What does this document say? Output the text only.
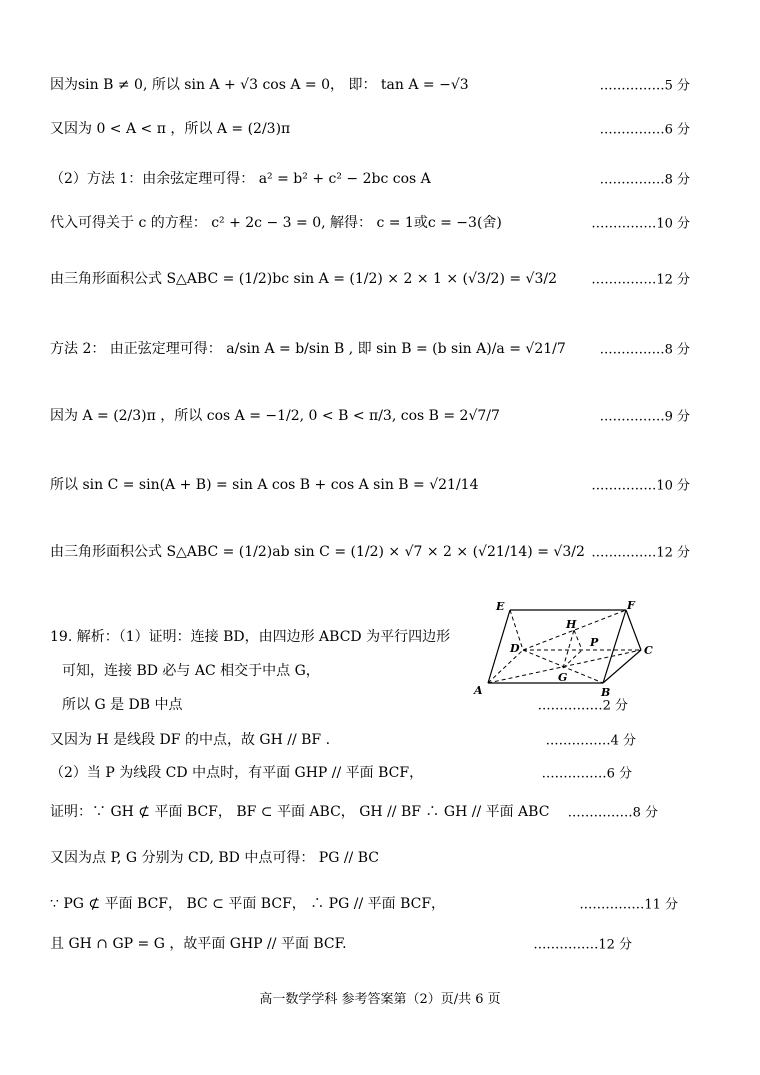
因为sin B ≠ 0, 所以 sin A + √3 cos A = 0， 即： tan A = −√3	……………5 分
又因为 0 < A < π ，所以 A = (2/3)π	……………6 分
（2）方法 1：由余弦定理可得： a² = b² + c² − 2bc cos A	……………8 分
代入可得关于 c 的方程： c² + 2c − 3 = 0, 解得： c = 1或c = −3(舍)	……………10 分
由三角形面积公式 S△ABC = (1/2)bc sin A = (1/2) × 2 × 1 × (√3/2) = √3/2	……………12 分
方法 2： 由正弦定理可得： a/sin A = b/sin B , 即 sin B = (b sin A)/a = √21/7	……………8 分
因为 A = (2/3)π ，所以 cos A = −1/2, 0 < B < π/3, cos B = 2√7/7	……………9 分
所以 sin C = sin(A + B) = sin A cos B + cos A sin B = √21/14	……………10 分
由三角形面积公式 S△ABC = (1/2)ab sin C = (1/2) × √7 × 2 × (√21/14) = √3/2 ……………12 分
19. 解析：（1）证明：连接 BD，由四边形 ABCD 为平行四边形
可知，连接 BD 必与 AC 相交于中点 G，
所以 G 是 DB 中点	……………2 分
又因为 H 是线段 DF 的中点，故 GH // BF .	……………4 分
（2）当 P 为线段 CD 中点时，有平面 GHP // 平面 BCF，	……………6 分
证明：∵ GH ⊄ 平面 BCF， BF ⊂ 平面 ABC， GH // BF ∴ GH // 平面 ABC ……………8 分
又因为点 P, G 分别为 CD, BD 中点可得： PG // BC
∵ PG ⊄ 平面 BCF， BC ⊂ 平面 BCF， ∴ PG // 平面 BCF，	……………11 分
且 GH ∩ GP = G ，故平面 GHP // 平面 BCF.	……………12 分
E	F
H
P
D	C
G
A	B
高一数学学科 参考答案第（2）页/共 6 页
